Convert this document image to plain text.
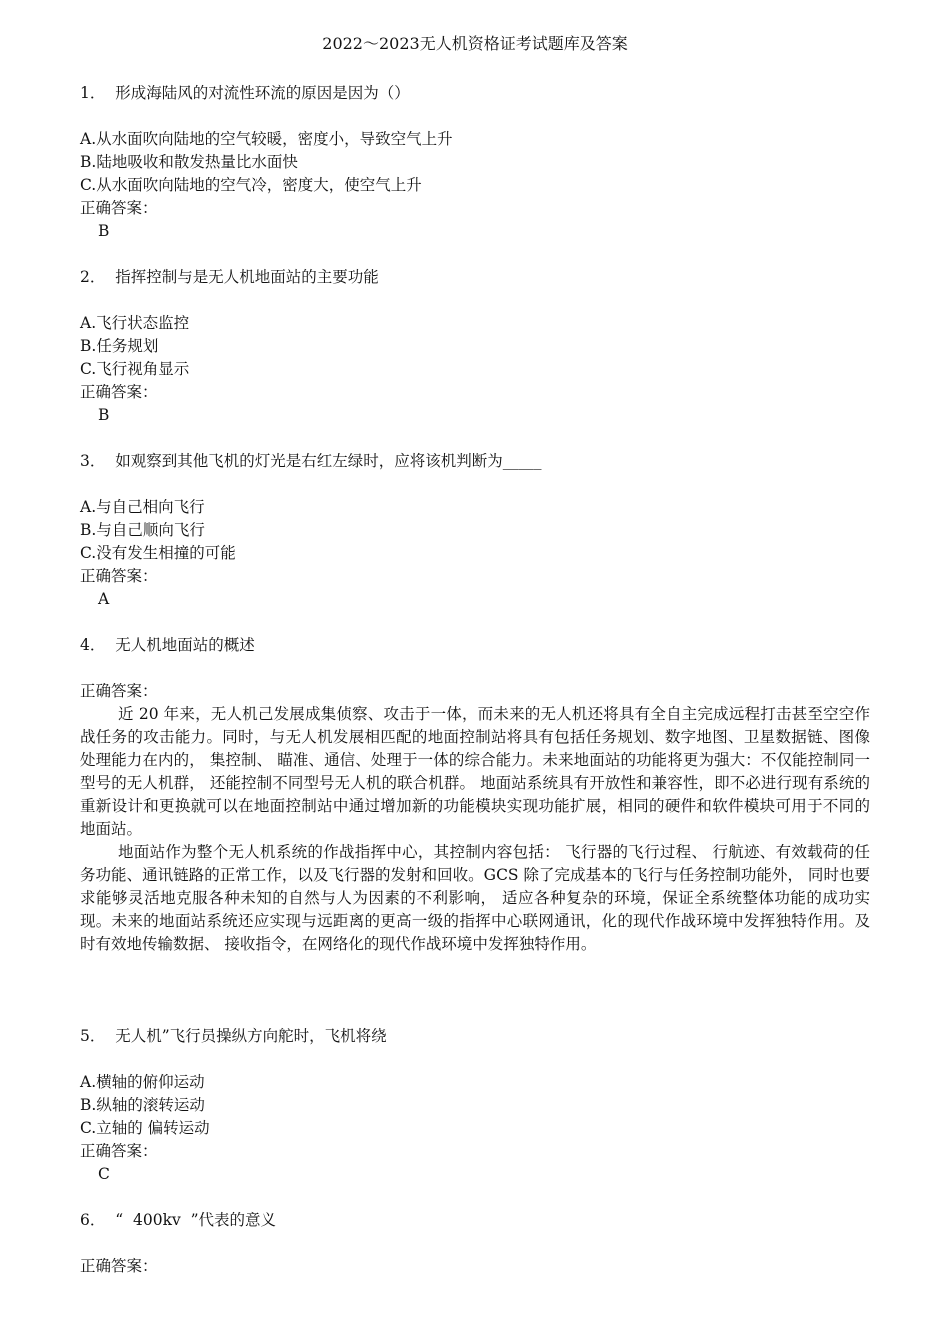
2022～2023无人机资格证考试题库及答案
1．  形成海陆风的对流性环流的原因是因为（）
A.从水面吹向陆地的空气较暖，密度小，导致空气上升
B.陆地吸收和散发热量比水面快
C.从水面吹向陆地的空气冷，密度大，使空气上升
正确答案：
B
2．  指挥控制与是无人机地面站的主要功能
A.飞行状态监控
B.任务规划
C.飞行视角显示
正确答案：
B
3．  如观察到其他飞机的灯光是右红左绿时，应将该机判断为_____
A.与自己相向飞行
B.与自己顺向飞行
C.没有发生相撞的可能
正确答案：
A
4．  无人机地面站的概述
正确答案：
近 20 年来，无人机己发展成集侦察、攻击于一体，而未来的无人机还将具有全自主完成远程打击甚至空空作战任务的攻击能力。同时，与无人机发展相匹配的地面控制站将具有包括任务规划、数字地图、卫星数据链、图像处理能力在内的， 集控制、 瞄准、通信、处理于一体的综合能力。未来地面站的功能将更为强大：不仅能控制同一型号的无人机群， 还能控制不同型号无人机的联合机群。 地面站系统具有开放性和兼容性，即不必进行现有系统的重新设计和更换就可以在地面控制站中通过增加新的功能模块实现功能扩展，相同的硬件和软件模块可用于不同的地面站。
地面站作为整个无人机系统的作战指挥中心，其控制内容包括： 飞行器的飞行过程、 行航迹、有效载荷的任务功能、通讯链路的正常工作，以及飞行器的发射和回收。GCS 除了完成基本的飞行与任务控制功能外， 同时也要求能够灵活地克服各种未知的自然与人为因素的不利影响， 适应各种复杂的环境，保证全系统整体功能的成功实现。未来的地面站系统还应实现与远距离的更高一级的指挥中心联网通讯，化的现代作战环境中发挥独特作用。及时有效地传输数据、 接收指令，在网络化的现代作战环境中发挥独特作用。
5．  无人机”飞行员操纵方向舵时，飞机将绕
A.横轴的俯仰运动
B.纵轴的滚转运动
C.立轴的 偏转运动
正确答案：
C
6．  “  400kv  ”代表的意义
正确答案：
